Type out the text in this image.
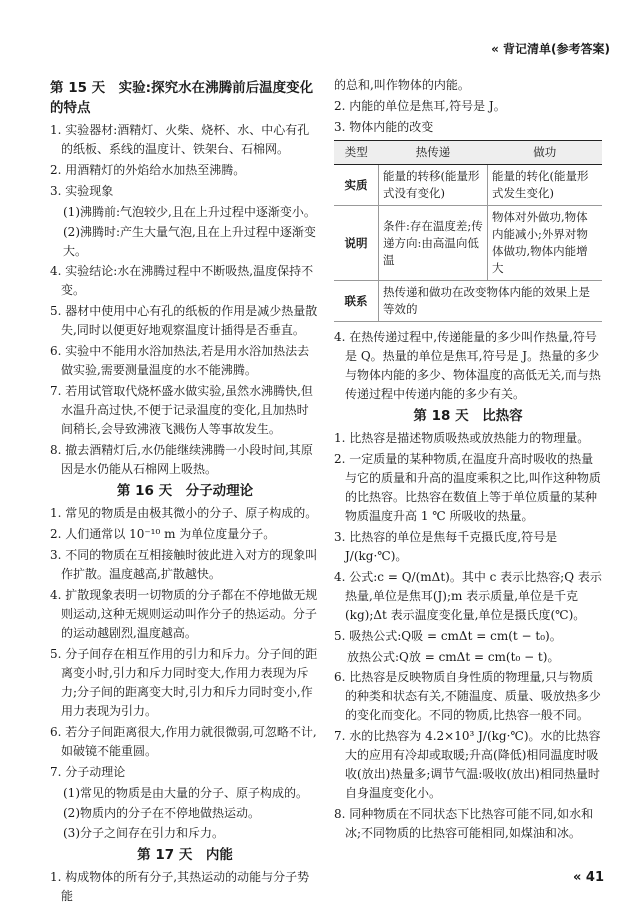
« 背记清单(参考答案)
第 15 天　实验:探究水在沸腾前后温度变化的特点

1. 实验器材:酒精灯、火柴、烧杯、水、中心有孔的纸板、系线的温度计、铁架台、石棉网。

2. 用酒精灯的外焰给水加热至沸腾。

3. 实验现象

(1)沸腾前:气泡较少,且在上升过程中逐渐变小。

(2)沸腾时:产生大量气泡,且在上升过程中逐渐变大。

4. 实验结论:水在沸腾过程中不断吸热,温度保持不变。

5. 器材中使用中心有孔的纸板的作用是减少热量散失,同时以便更好地观察温度计插得是否垂直。

6. 实验中不能用水浴加热法,若是用水浴加热法去做实验,需要测量温度的水不能沸腾。

7. 若用试管取代烧杯盛水做实验,虽然水沸腾快,但水温升高过快,不便于记录温度的变化,且加热时间稍长,会导致沸液飞溅伤人等事故发生。

8. 撤去酒精灯后,水仍能继续沸腾一小段时间,其原因是水仍能从石棉网上吸热。

第 16 天　分子动理论

1. 常见的物质是由极其微小的分子、原子构成的。

2. 人们通常以 10⁻¹⁰ m 为单位度量分子。

3. 不同的物质在互相接触时彼此进入对方的现象叫作扩散。温度越高,扩散越快。

4. 扩散现象表明一切物质的分子都在不停地做无规则运动,这种无规则运动叫作分子的热运动。分子的运动越剧烈,温度越高。

5. 分子间存在相互作用的引力和斥力。分子间的距离变小时,引力和斥力同时变大,作用力表现为斥力;分子间的距离变大时,引力和斥力同时变小,作用力表现为引力。

6. 若分子间距离很大,作用力就很微弱,可忽略不计,如破镜不能重圆。

7. 分子动理论

(1)常见的物质是由大量的分子、原子构成的。

(2)物质内的分子在不停地做热运动。

(3)分子之间存在引力和斥力。

第 17 天　内能

1. 构成物体的所有分子,其热运动的动能与分子势能

的总和,叫作物体的内能。

2. 内能的单位是焦耳,符号是 J。

3. 物体内能的改变

类型	热传递	做功
实质	能量的转移(能量形式没有变化)	能量的转化(能量形式发生变化)
说明	条件:存在温度差;传递方向:由高温向低温	物体对外做功,物体内能减小;外界对物体做功,物体内能增大
联系	热传递和做功在改变物体内能的效果上是等效的	

4. 在热传递过程中,传递能量的多少叫作热量,符号是 Q。热量的单位是焦耳,符号是 J。热量的多少与物体内能的多少、物体温度的高低无关,而与热传递过程中传递内能的多少有关。

第 18 天　比热容

1. 比热容是描述物质吸热或放热能力的物理量。

2. 一定质量的某种物质,在温度升高时吸收的热量与它的质量和升高的温度乘积之比,叫作这种物质的比热容。比热容在数值上等于单位质量的某种物质温度升高 1 ℃ 所吸收的热量。

3. 比热容的单位是焦每千克摄氏度,符号是 J/(kg·℃)。

4. 公式:c = Q/(mΔt)。其中 c 表示比热容;Q 表示热量,单位是焦耳(J);m 表示质量,单位是千克(kg);Δt 表示温度变化量,单位是摄氏度(℃)。

5. 吸热公式:Q吸 = cmΔt = cm(t − t₀)。

放热公式:Q放 = cmΔt = cm(t₀ − t)。

6. 比热容是反映物质自身性质的物理量,只与物质的种类和状态有关,不随温度、质量、吸放热多少的变化而变化。不同的物质,比热容一般不同。

7. 水的比热容为 4.2×10³ J/(kg·℃)。水的比热容大的应用有冷却或取暖;升高(降低)相同温度时吸收(放出)热量多;调节气温:吸收(放出)相同热量时自身温度变化小。

8. 同种物质在不同状态下比热容可能不同,如水和冰;不同物质的比热容可能相同,如煤油和冰。

« 41
